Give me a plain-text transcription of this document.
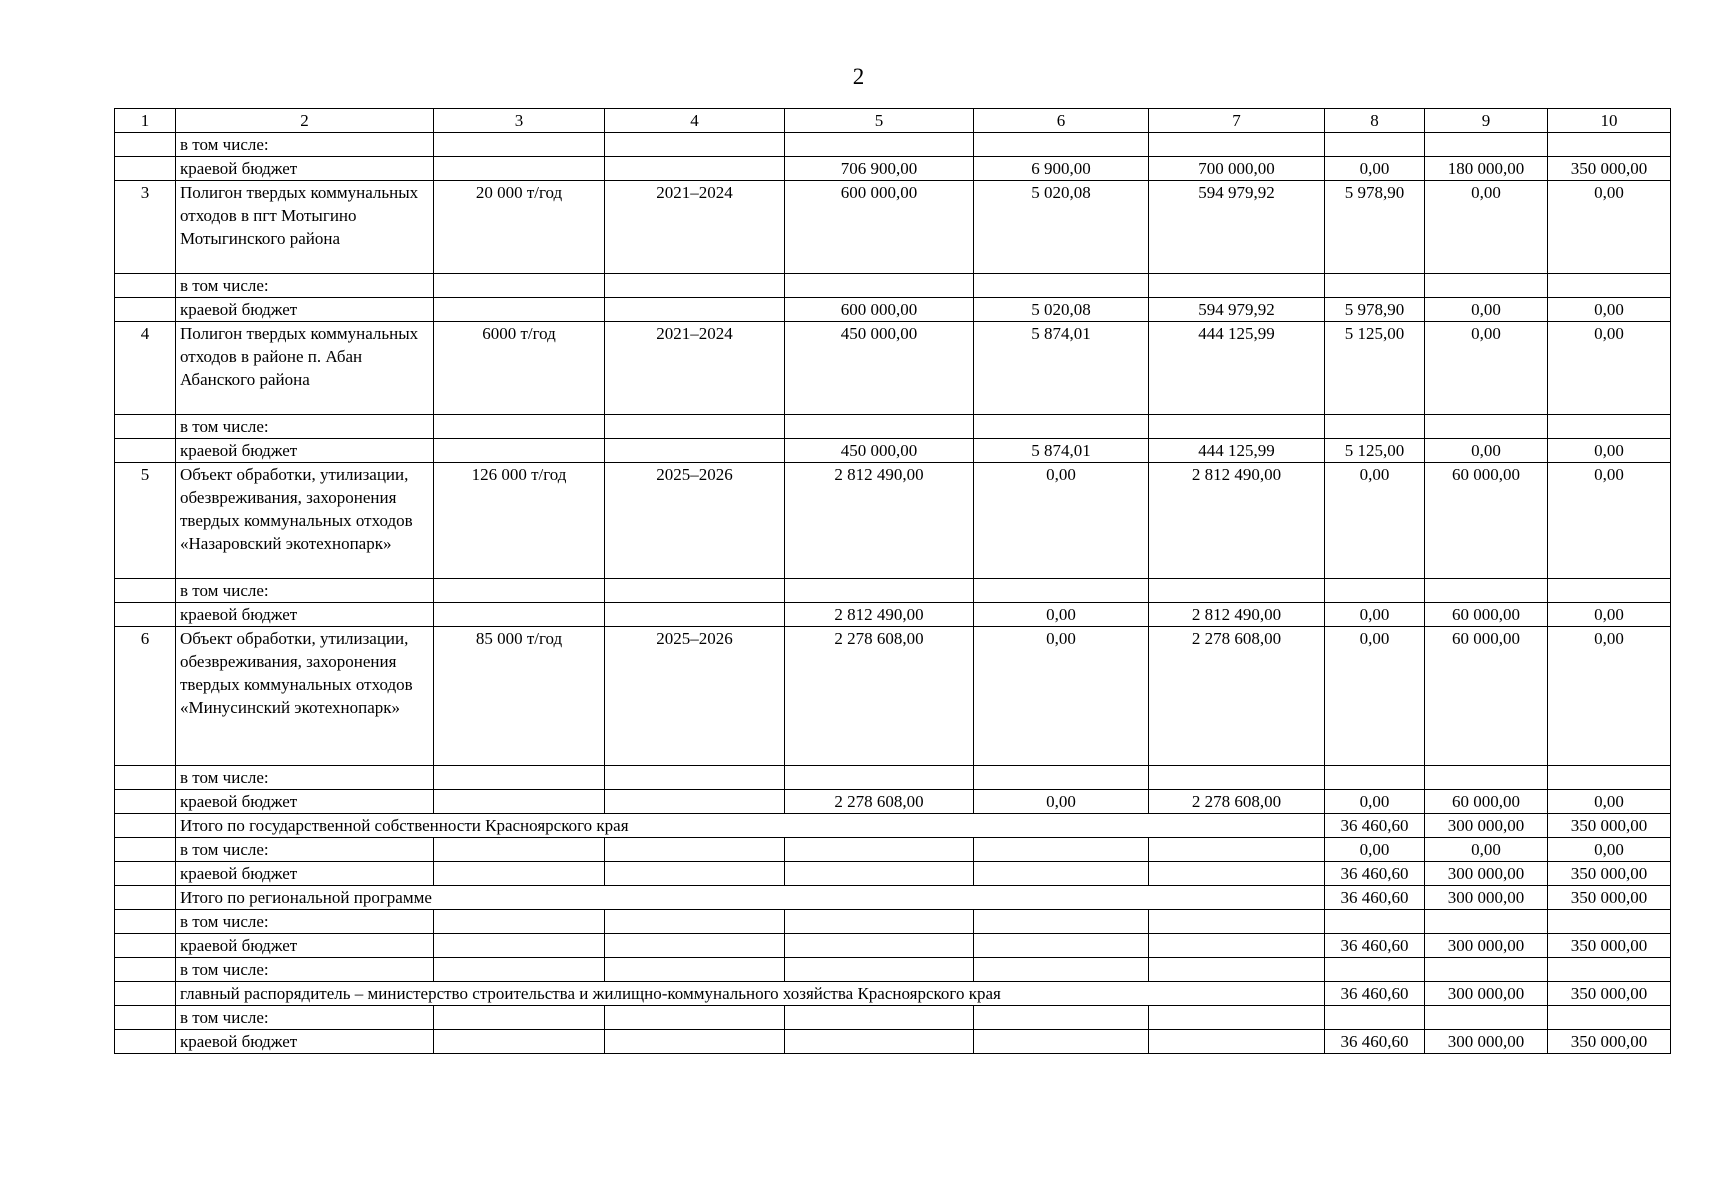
2
1	2	3	4	5	6	7	8	9	10
	в том числе:								
	краевой бюджет			706 900,00	6 900,00	700 000,00	0,00	180 000,00	350 000,00
3	Полигон твердых коммунальных отходов в пгт Мотыгино Мотыгинского района	20 000 т/год	2021–2024	600 000,00	5 020,08	594 979,92	5 978,90	0,00	0,00
	в том числе:								
	краевой бюджет			600 000,00	5 020,08	594 979,92	5 978,90	0,00	0,00
4	Полигон твердых коммунальных отходов в районе п. Абан Абанского района	6000 т/год	2021–2024	450 000,00	5 874,01	444 125,99	5 125,00	0,00	0,00
	в том числе:								
	краевой бюджет			450 000,00	5 874,01	444 125,99	5 125,00	0,00	0,00
5	Объект обработки, утилизации, обезвреживания, захоронения твердых коммунальных отходов «Назаровский экотехнопарк»	126 000 т/год	2025–2026	2 812 490,00	0,00	2 812 490,00	0,00	60 000,00	0,00
	в том числе:								
	краевой бюджет			2 812 490,00	0,00	2 812 490,00	0,00	60 000,00	0,00
6	Объект обработки, утилизации, обезвреживания, захоронения твердых коммунальных отходов «Минусинский экотехнопарк»	85 000 т/год	2025–2026	2 278 608,00	0,00	2 278 608,00	0,00	60 000,00	0,00
	в том числе:								
	краевой бюджет			2 278 608,00	0,00	2 278 608,00	0,00	60 000,00	0,00
	Итого по государственной собственности Красноярского края						36 460,60	300 000,00	350 000,00
	в том числе:						0,00	0,00	0,00
	краевой бюджет						36 460,60	300 000,00	350 000,00
	Итого по региональной программе						36 460,60	300 000,00	350 000,00
	в том числе:								
	краевой бюджет						36 460,60	300 000,00	350 000,00
	в том числе:								
	главный распорядитель – министерство строительства и жилищно-коммунального хозяйства Красноярского края						36 460,60	300 000,00	350 000,00
	в том числе:								
	краевой бюджет						36 460,60	300 000,00	350 000,00
